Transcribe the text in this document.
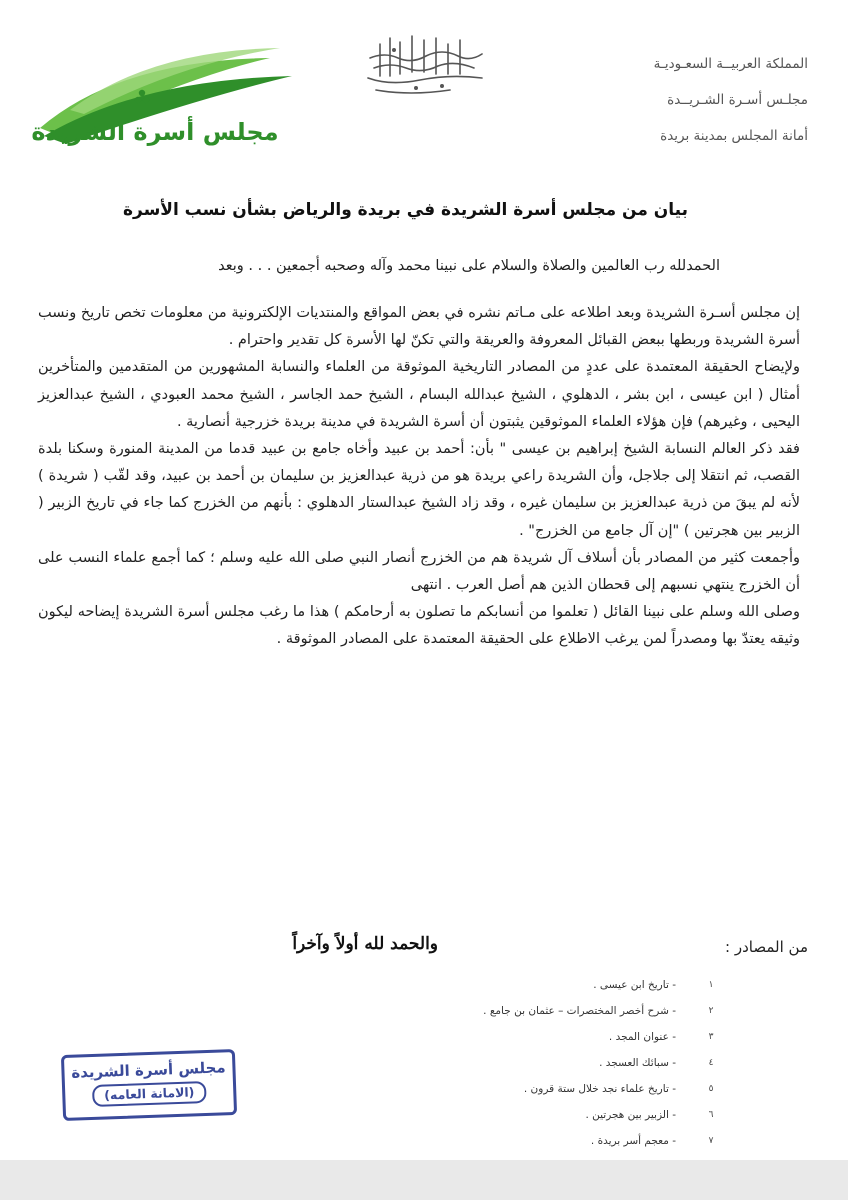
المملكة العربيــة السعـوديـة
مجلـس أسـرة الشـريــدة
أمانة المجلس بمدينة بريدة
مجلس أسرة الشريدة
بيان من مجلس أسرة الشريدة في بريدة والرياض بشأن نسب الأسرة
الحمدلله رب العالمين والصلاة والسلام على نبينا محمد وآله وصحبه أجمعين . . . وبعد

إن مجلس أسـرة الشريدة وبعد اطلاعه على مـاتم نشره في بعض المواقع والمنتديات الإلكترونية من معلومات تخص تاريخ ونسب أسرة الشريدة وربطها ببعض القبائل المعروفة والعريقة والتي تكنّ لها الأسرة كل تقدير واحترام .

ولإيضاح الحقيقة المعتمدة على عددٍ من المصادر التاريخية الموثوقة من العلماء والنسابة المشهورين من المتقدمين والمتأخرين أمثال ( ابن عيسى ، ابن بشر ، الدهلوي ، الشيخ عبدالله البسام ، الشيخ حمد الجاسر ، الشيخ محمد العبودي ، الشيخ عبدالعزيز اليحيى ، وغيرهم) فإن هؤلاء العلماء الموثوقين يثبتون أن أسرة الشريدة في مدينة بريدة خزرجية أنصارية .

فقد ذكر العالم النسابة الشيخ إبراهيم بن عيسى " بأن: أحمد بن عبيد وأخاه جامع بن عبيد قدما من المدينة المنورة وسكنا بلدة القصب، ثم انتقلا إلى جلاجل، وأن الشريدة راعي بريدة هو من ذرية عبدالعزيز بن سليمان بن أحمد بن عبيد، وقد لقّب ( شريدة ) لأنه لم يبقَ من ذرية عبدالعزيز بن سليمان غيره ، وقد زاد الشيخ عبدالستار الدهلوي : بأنهم من الخزرج كما جاء في تاريخ الزبير ( الزبير بين هجرتين ) "إن آل جامع من الخزرج" .

وأجمعت كثير من المصادر بأن أسلاف آل شريدة هم من الخزرج أنصار النبي صلى الله عليه وسلم ؛ كما أجمع علماء النسب على أن الخزرج ينتهي نسبهم إلى قحطان الذين هم أصل العرب . انتهى

وصلى الله وسلم على نبينا القائل ( تعلموا من أنسابكم ما تصلون به أرحامكم ) هذا ما رغب مجلس أسرة الشريدة إيضاحه ليكون وثيقه يعتدّ بها ومصدراً لمن يرغب الاطلاع على الحقيقة المعتمدة على المصادر الموثوقة .

من المصادر :
والحمد لله أولاً وآخراً
١
- تاريخ ابن عيسى .
٢
- شرح أخصر المختصرات – عثمان بن جامع .
٣
- عنوان المجد .
٤
- سبائك العسجد .
٥
- تاريخ علماء نجد خلال ستة قرون .
٦
- الزبير بين هجرتين .
٧
- معجم أسر بريدة .
مجلس أسرة الشريدة
(الامانة العامه)
